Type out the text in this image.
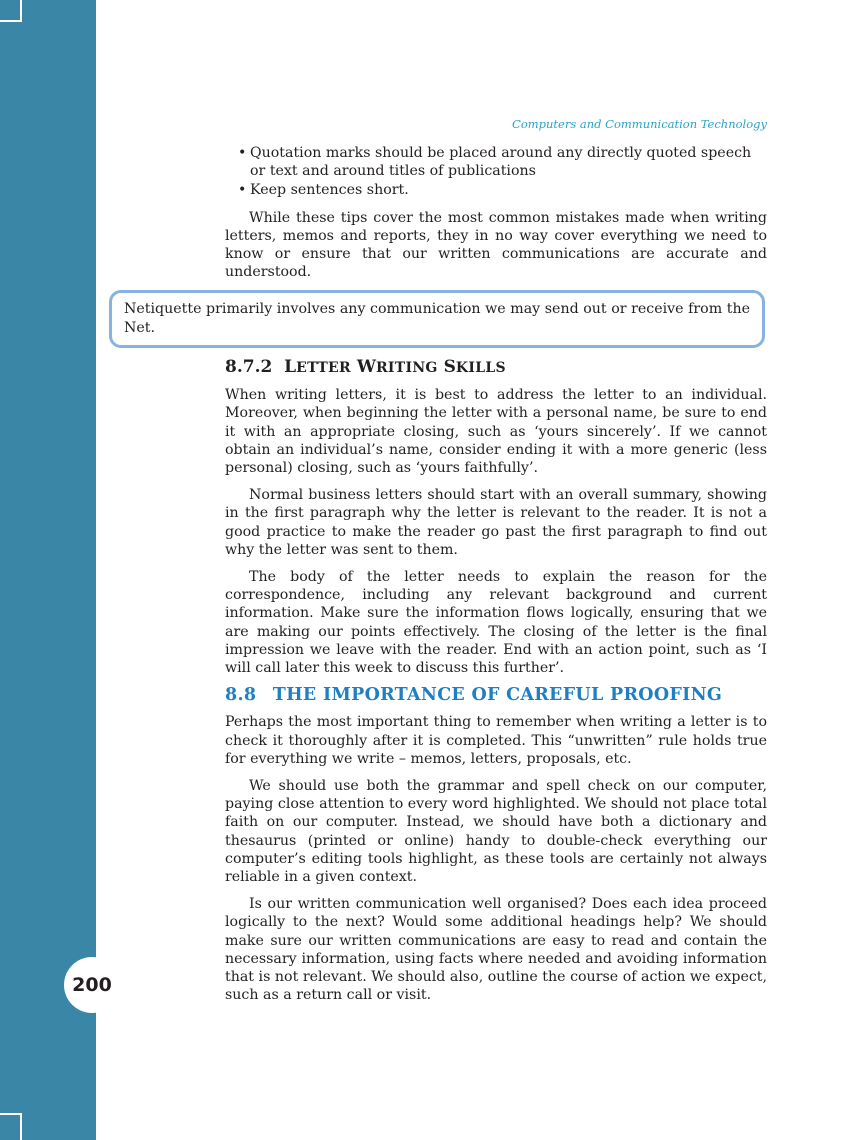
200
Computers and Communication Technology
• Quotation marks should be placed around any directly quoted speech or text and around titles of publications
• Keep sentences short.

While these tips cover the most common mistakes made when writing letters, memos and reports, they in no way cover everything we need to know or ensure that our written communications are accurate and understood.

Netiquette primarily involves any communication we may send out or receive from the Net.
8.7.2 LETTER WRITING SKILLS

When writing letters, it is best to address the letter to an individual. Moreover, when beginning the letter with a personal name, be sure to end it with an appropriate closing, such as ‘yours sincerely’. If we cannot obtain an individual’s name, consider ending it with a more generic (less personal) closing, such as ‘yours faithfully’.

Normal business letters should start with an overall summary, showing in the first paragraph why the letter is relevant to the reader. It is not a good practice to make the reader go past the first paragraph to find out why the letter was sent to them.

The body of the letter needs to explain the reason for the correspondence, including any relevant background and current information. Make sure the information flows logically, ensuring that we are making our points effectively. The closing of the letter is the final impression we leave with the reader. End with an action point, such as ‘I will call later this week to discuss this further’.

8.8 THE IMPORTANCE OF CAREFUL PROOFING

Perhaps the most important thing to remember when writing a letter is to check it thoroughly after it is completed. This “unwritten” rule holds true for everything we write – memos, letters, proposals, etc.

We should use both the grammar and spell check on our computer, paying close attention to every word highlighted. We should not place total faith on our computer. Instead, we should have both a dictionary and thesaurus (printed or online) handy to double-check everything our computer’s editing tools highlight, as these tools are certainly not always reliable in a given context.

Is our written communication well organised? Does each idea proceed logically to the next? Would some additional headings help? We should make sure our written communications are easy to read and contain the necessary information, using facts where needed and avoiding information that is not relevant. We should also, outline the course of action we expect, such as a return call or visit.
